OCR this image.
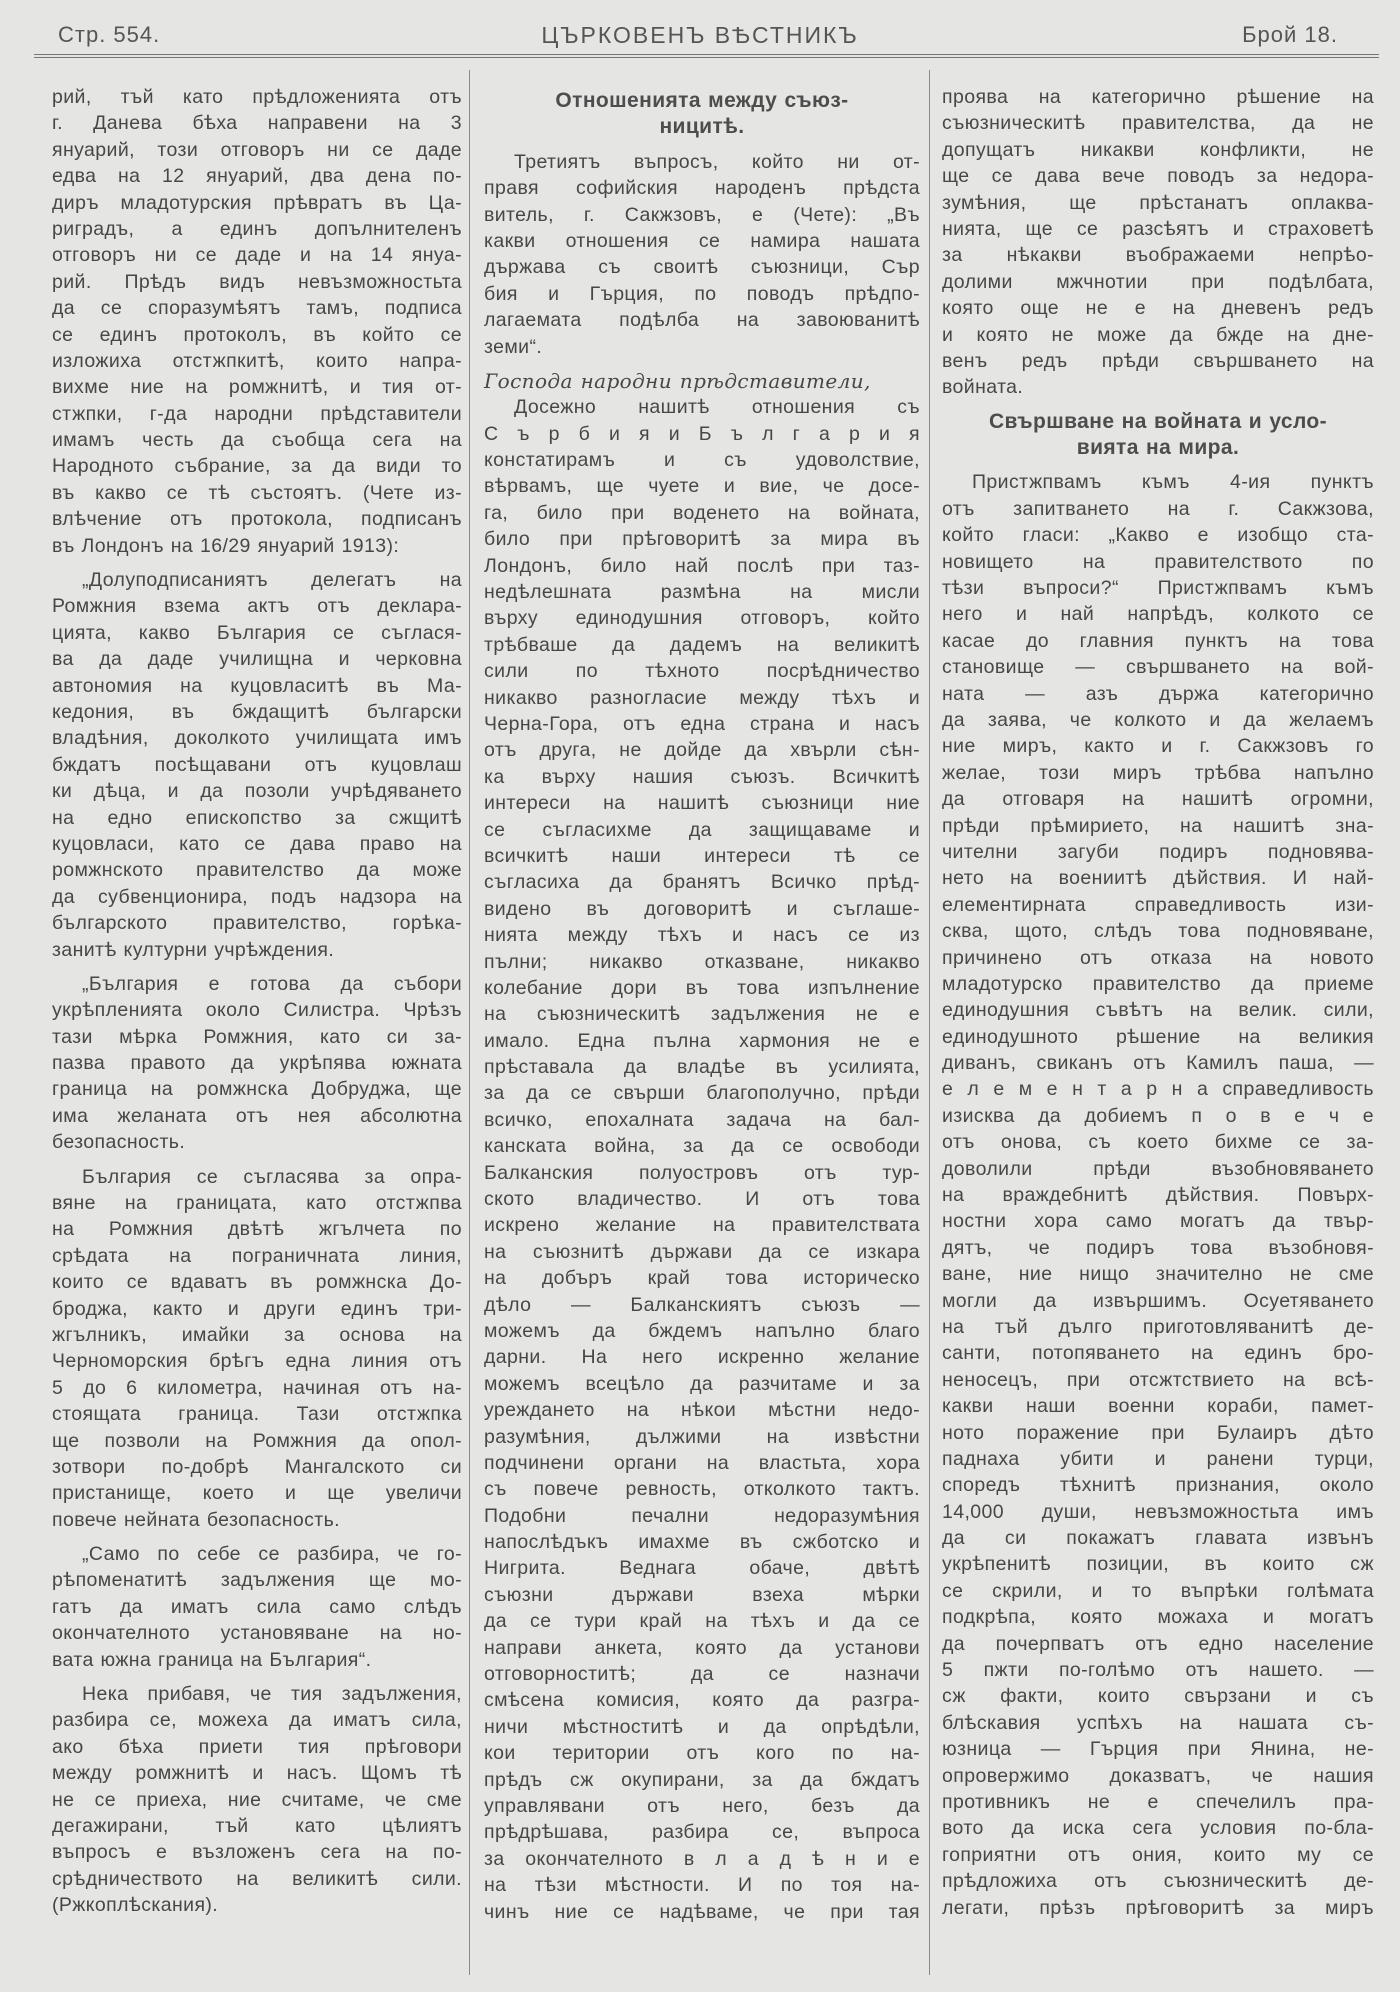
ЦЪРКОВЕНЪ ВѢСТНИКЪ
Стр. 554.	Брой 18.
рий, тъй като прѣдложенията отъ
г. Данева бѣха направени на 3
януарий, този отговоръ ни се даде
едва на 12 януарий, два дена по-
диръ младотурския прѣвратъ въ Ца-
риградъ, а единъ допълнителенъ
отговоръ ни се даде и на 14 януа-
рий. Прѣдъ видъ невъзможностьта
да се споразумѣятъ тамъ, подписа
се единъ протоколъ, въ който се
изложиха отстжпкитѣ, които напра-
вихме ние на ромжнитѣ, и тия от-
стжпки, г-да народни прѣдставители
имамъ честь да съобща сега на
Народното събрание, за да види то
въ какво се тѣ състоятъ. (Чете из-
влѣчение отъ протокола, подписанъ
въ Лондонъ на 16/29 януарий 1913):
„Долуподписаниятъ делегатъ на
Ромжния взема актъ отъ деклара-
цията, какво България се съглася-
ва да даде училищна и черковна
автономия на куцовласитѣ въ Ма-
кедония, въ бждащитѣ български
владѣния, доколкото училищата имъ
бждатъ посѣщавани отъ куцовлаш
ки дѣца, и да позоли учрѣдяването
на едно епископство за сжщитѣ
куцовласи, като се дава право на
ромжнското правителство да може
да субвенционира, подъ надзора на
българското правителство, горѣка-
занитѣ културни учрѣждения.
„България е готова да събори
укрѣпленията около Силистра. Чрѣзъ
тази мѣрка Ромжния, като си за-
пазва правото да укрѣпява южната
граница на ромжнска Добруджа, ще
има желаната отъ нея абсолютна
безопасность.
България се съгласява за опра-
вяне на границата, като отстжпва
на Ромжния двѣтѣ жгълчета по
срѣдата на пограничната линия,
които се вдаватъ въ ромжнска До-
броджа, както и други единъ три-
жгълникъ, имайки за основа на
Черноморския брѣгъ една линия отъ
5 до 6 километра, начиная отъ на-
стоящата граница. Тази отстжпка
ще позволи на Ромжния да опол-
зотвори по-добрѣ Мангалското си
пристанище, което и ще увеличи
повече нейната безопасность.
„Само по себе се разбира, че го-
рѣпоменатитѣ задължения ще мо-
гатъ да иматъ сила само слѣдъ
окончателното установяване на но-
вата южна граница на България“.
Нека прибавя, че тия задължения,
разбира се, можеха да иматъ сила,
ако бѣха приети тия прѣговори
между ромжнитѣ и насъ. Щомъ тѣ
не се приеха, ние считаме, че сме
дегажирани, тъй като цѣлиятъ
въпросъ е възложенъ сега на по-
срѣдничеството на великитѣ сили.
(Ржкоплѣскания).
Отношенията между съюз-
ницитѣ.
Третиятъ въпросъ, който ни от-
правя софийския народенъ прѣдста
витель, г. Сакжзовъ, е (Чете): „Въ
какви отношения се намира нашата
държава съ своитѣ съюзници, Сър
бия и Гърция, по поводъ прѣдпо-
лагаемата подѣлба на завоюванитѣ
земи“.
Господа народни прѣдставители,
Досежно нашитѣ отношения съ
С ъ р б и я и Б ъ л г а р и я
констатирамъ и съ удоволствие,
вѣрвамъ, ще чуете и вие, че досе-
га, било при воденето на войната,
било при прѣговоритѣ за мира въ
Лондонъ, било най послѣ при таз-
недѣлешната размѣна на мисли
върху единодушния отговоръ, който
трѣбваше да дадемъ на великитѣ
сили по тѣхното посрѣдничество
никакво разногласие между тѣхъ и
Черна-Гора, отъ една страна и насъ
отъ друга, не дойде да хвърли сѣн-
ка върху нашия съюзъ. Всичкитѣ
интереси на нашитѣ съюзници ние
се съгласихме да защищаваме и
всичкитѣ наши интереси тѣ се
съгласиха да бранятъ Всичко прѣд-
видено въ договоритѣ и съглаше-
нията между тѣхъ и насъ се из
пълни; никакво отказване, никакво
колебание дори въ това изпълнение
на съюзническитѣ задължения не е
имало. Една пълна хармония не е
прѣставала да владѣе въ усилията,
за да се свърши благополучно, прѣди
всичко, епохалната задача на бал-
канската война, за да се освободи
Балканския полуостровъ отъ тур-
ското владичество. И отъ това
искрено желание на правителствата
на съюзнитѣ държави да се изкара
на добъръ край това историческо
дѣло — Балканскиятъ съюзъ —
можемъ да бждемъ напълно благо
дарни. На него искренно желание
можемъ всецѣло да разчитаме и за
уреждането на нѣкои мѣстни недо-
разумѣния, дължими на извѣстни
подчинени органи на властьта, хора
съ повече ревность, отколкото тактъ.
Подобни печални недоразумѣния
напослѣдъкъ имахме въ сжботско и
Нигрита. Веднага обаче, двѣтѣ
съюзни държави взеха мѣрки
да се тури край на тѣхъ и да се
направи анкета, която да установи
отговорноститѣ; да се назначи
смѣсена комисия, която да разгра-
ничи мѣстноститѣ и да опрѣдѣли,
кои територии отъ кого по на-
прѣдъ сж окупирани, за да бждатъ
управлявани отъ него, безъ да
прѣдрѣшава, разбира се, въпроса
за окончателното в л а д ѣ н и е
на тѣзи мѣстности. И по тоя на-
чинъ ние се надѣваме, че при тая
проява на категорично рѣшение на
съюзническитѣ правителства, да не
допущатъ никакви конфликти, не
ще се дава вече поводъ за недора-
зумѣния, ще прѣстанатъ оплаква-
нията, ще се разсѣятъ и страховетѣ
за нѣкакви въображаеми непрѣо-
долими мжчнотии при подѣлбата,
която още не е на дневенъ редъ
и която не може да бжде на дне-
венъ редъ прѣди свършването на
войната.
Свършване на войната и усло-
вията на мира.
Пристжпвамъ къмъ 4-ия пунктъ
отъ запитването на г. Сакжзова,
който гласи: „Какво е изобщо ста-
новището на правителството по
тѣзи въпроси?“ Пристжпвамъ къмъ
него и най напрѣдъ, колкото се
касае до главния пунктъ на това
становище — свършването на вой-
ната — азъ държа категорично
да заява, че колкото и да желаемъ
ние миръ, както и г. Сакжзовъ го
желае, този миръ трѣбва напълно
да отговаря на нашитѣ огромни,
прѣди прѣмирието, на нашитѣ зна-
чителни загуби подиръ подновява-
нето на воениитѣ дѣйствия. И най-
елементирната справедливость изи-
сква, щото, слѣдъ това подновяване,
причинено отъ отказа на новото
младотурско правителство да приеме
единодушния съвѣтъ на велик. сили,
единодушното рѣшение на великия
диванъ, свиканъ отъ Камилъ паша, —
е л е м е н т а р н а справедливость
изисква да добиемъ п о в е ч е
отъ онова, съ което бихме се за-
доволили прѣди възобновяването
на враждебнитѣ дѣйствия. Повърх-
ностни хора само могатъ да твър-
дятъ, че подиръ това възобновя-
ване, ние нищо значително не сме
могли да извършимъ. Осуетяването
на тъй дълго приготовляванитѣ де-
санти, потопяването на единъ бро-
неносецъ, при отсжтствието на всѣ-
какви наши военни кораби, памет-
ното поражение при Булаиръ дѣто
паднаха убити и ранени турци,
споредъ тѣхнитѣ признания, около
14,000 души, невъзможностьта имъ
да си покажатъ главата извънъ
укрѣпенитѣ позиции, въ които сж
се скрили, и то въпрѣки голѣмата
подкрѣпа, която можаха и могатъ
да почерпватъ отъ едно население
5 пжти по-голѣмо отъ нашето. —
сж факти, които свързани и съ
блѣскавия успѣхъ на нашата съ-
юзница — Гърция при Янина, не-
опровержимо доказватъ, че нашия
противникъ не е спечелилъ пра-
вото да иска сега условия по-бла-
гоприятни отъ ония, които му се
прѣдложиха отъ съюзническитѣ де-
легати, прѣзъ прѣговоритѣ за миръ
